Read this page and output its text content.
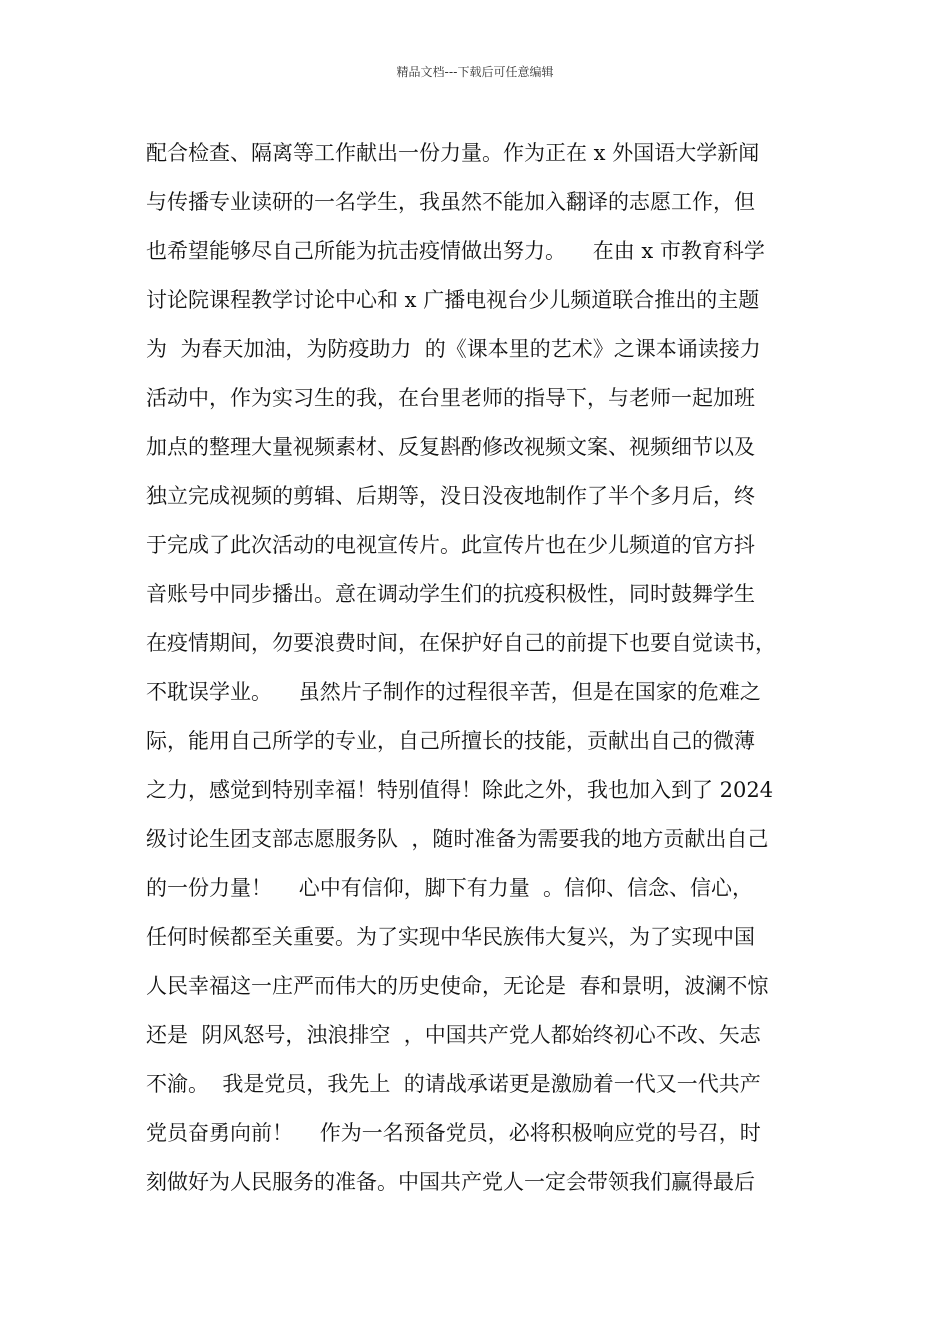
精品文档---下载后可任意编辑
配合检查、隔离等工作献出一份力量。作为正在 x 外国语大学新闻
与传播专业读研的一名学生，我虽然不能加入翻译的志愿工作，但
也希望能够尽自己所能为抗击疫情做出努力。    在由 x 市教育科学
讨论院课程教学讨论中心和 x 广播电视台少儿频道联合推出的主题
为  为春天加油，为防疫助力  的《课本里的艺术》之课本诵读接力
活动中，作为实习生的我，在台里老师的指导下，与老师一起加班
加点的整理大量视频素材、反复斟酌修改视频文案、视频细节以及
独立完成视频的剪辑、后期等，没日没夜地制作了半个多月后，终
于完成了此次活动的电视宣传片。此宣传片也在少儿频道的官方抖
音账号中同步播出。意在调动学生们的抗疫积极性，同时鼓舞学生
在疫情期间，勿要浪费时间，在保护好自己的前提下也要自觉读书，
不耽误学业。    虽然片子制作的过程很辛苦，但是在国家的危难之
际，能用自己所学的专业，自己所擅长的技能，贡献出自己的微薄
之力，感觉到特别幸福！特别值得！除此之外，我也加入到了 2024
级讨论生团支部志愿服务队  ，随时准备为需要我的地方贡献出自己
的一份力量！    心中有信仰，脚下有力量  。信仰、信念、信心，
任何时候都至关重要。为了实现中华民族伟大复兴，为了实现中国
人民幸福这一庄严而伟大的历史使命，无论是  春和景明，波澜不惊
还是  阴风怒号，浊浪排空  ，中国共产党人都始终初心不改、矢志
不渝。  我是党员，我先上  的请战承诺更是激励着一代又一代共产
党员奋勇向前！    作为一名预备党员，必将积极响应党的号召，时
刻做好为人民服务的准备。中国共产党人一定会带领我们赢得最后
